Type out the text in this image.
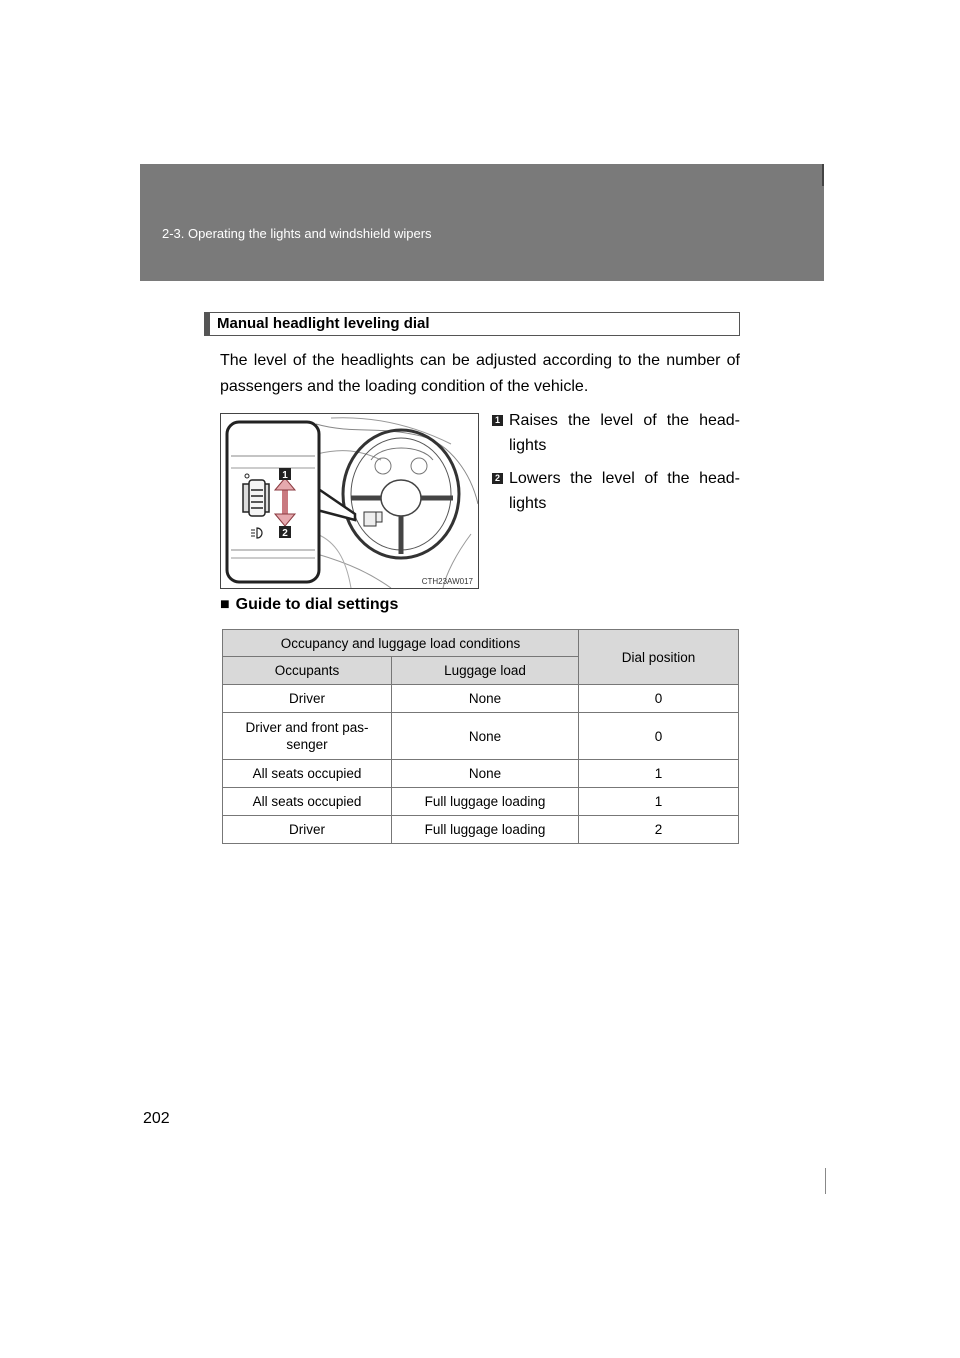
2-3. Operating the lights and windshield wipers
Manual headlight leveling dial
The level of the headlights can be adjusted according to the number of passengers and the loading condition of the vehicle.
1
2
CTH23AW017
1 Raises the level of the head-lights
2 Lowers the level of the head-lights
■ Guide to dial settings
Occupancy and luggage load conditions		Dial position
Occupants	Luggage load	
Driver	None	0
Driver and front pas-senger	None	0
All seats occupied	None	1
All seats occupied	Full luggage loading	1
Driver	Full luggage loading	2
202
